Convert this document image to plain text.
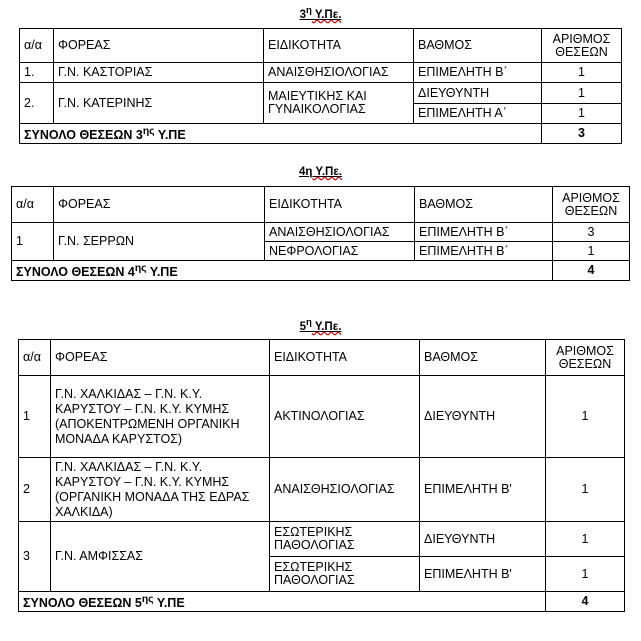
$3^\eta$ Υ.Πε.
α/α	ΦΟΡΕΑΣ	ΕΙΔΙΚΟΤΗΤΑ	ΒΑΘΜΟΣ	ΑΡΙΘΜΟΣ ΘΕΣΕΩΝ
1.	Γ.Ν. ΚΑΣΤΟΡΙΑΣ	ΑΝΑΙΣΘΗΣΙΟΛΟΓΙΑΣ	ΕΠΙΜΕΛΗΤΗ Β΄	1
2.	Γ.Ν. ΚΑΤΕΡΙΝΗΣ	ΜΑΙΕΥΤΙΚΗΣ ΚΑΙ ΓΥΝΑΙΚΟΛΟΓΙΑΣ	ΔΙΕΥΘΥΝΤΗ	1
			ΕΠΙΜΕΛΗΤΗ Α΄	1
ΣΥΝΟΛΟ ΘΕΣΕΩΝ $3^{\eta\varsigma}$ Υ.ΠΕ				3
4η Υ.Πε.
α/α	ΦΟΡΕΑΣ	ΕΙΔΙΚΟΤΗΤΑ	ΒΑΘΜΟΣ	ΑΡΙΘΜΟΣ ΘΕΣΕΩΝ
1	Γ.Ν. ΣΕΡΡΩΝ	ΑΝΑΙΣΘΗΣΙΟΛΟΓΙΑΣ	ΕΠΙΜΕΛΗΤΗ Β΄	3
		ΝΕΦΡΟΛΟΓΙΑΣ	ΕΠΙΜΕΛΗΤΗ Β΄	1
ΣΥΝΟΛΟ ΘΕΣΕΩΝ $4^{\eta\varsigma}$ Υ.ΠΕ				4
$5^\eta$ Υ.Πε.
α/α	ΦΟΡΕΑΣ	ΕΙΔΙΚΟΤΗΤΑ	ΒΑΘΜΟΣ	ΑΡΙΘΜΟΣ ΘΕΣΕΩΝ
1	Γ.Ν. ΧΑΛΚΙΔΑΣ – Γ.Ν. Κ.Υ. ΚΑΡΥΣΤΟΥ – Γ.Ν. Κ.Υ. ΚΥΜΗΣ (ΑΠΟΚΕΝΤΡΩΜΕΝΗ ΟΡΓΑΝΙΚΗ ΜΟΝΑΔΑ ΚΑΡΥΣΤΟΣ)	ΑΚΤΙΝΟΛΟΓΙΑΣ	ΔΙΕΥΘΥΝΤΗ	1
2	Γ.Ν. ΧΑΛΚΙΔΑΣ – Γ.Ν. Κ.Υ. ΚΑΡΥΣΤΟΥ – Γ.Ν. Κ.Υ. ΚΥΜΗΣ (ΟΡΓΑΝΙΚΗ ΜΟΝΑΔΑ ΤΗΣ ΕΔΡΑΣ ΧΑΛΚΙΔΑ)	ΑΝΑΙΣΘΗΣΙΟΛΟΓΙΑΣ	ΕΠΙΜΕΛΗΤΗ Β'	1
3	Γ.Ν. ΑΜΦΙΣΣΑΣ	ΕΣΩΤΕΡΙΚΗΣ ΠΑΘΟΛΟΓΙΑΣ	ΔΙΕΥΘΥΝΤΗ	1
		ΕΣΩΤΕΡΙΚΗΣ ΠΑΘΟΛΟΓΙΑΣ	ΕΠΙΜΕΛΗΤΗ Β'	1
ΣΥΝΟΛΟ ΘΕΣΕΩΝ $5^{\eta\varsigma}$ Υ.ΠΕ				4
